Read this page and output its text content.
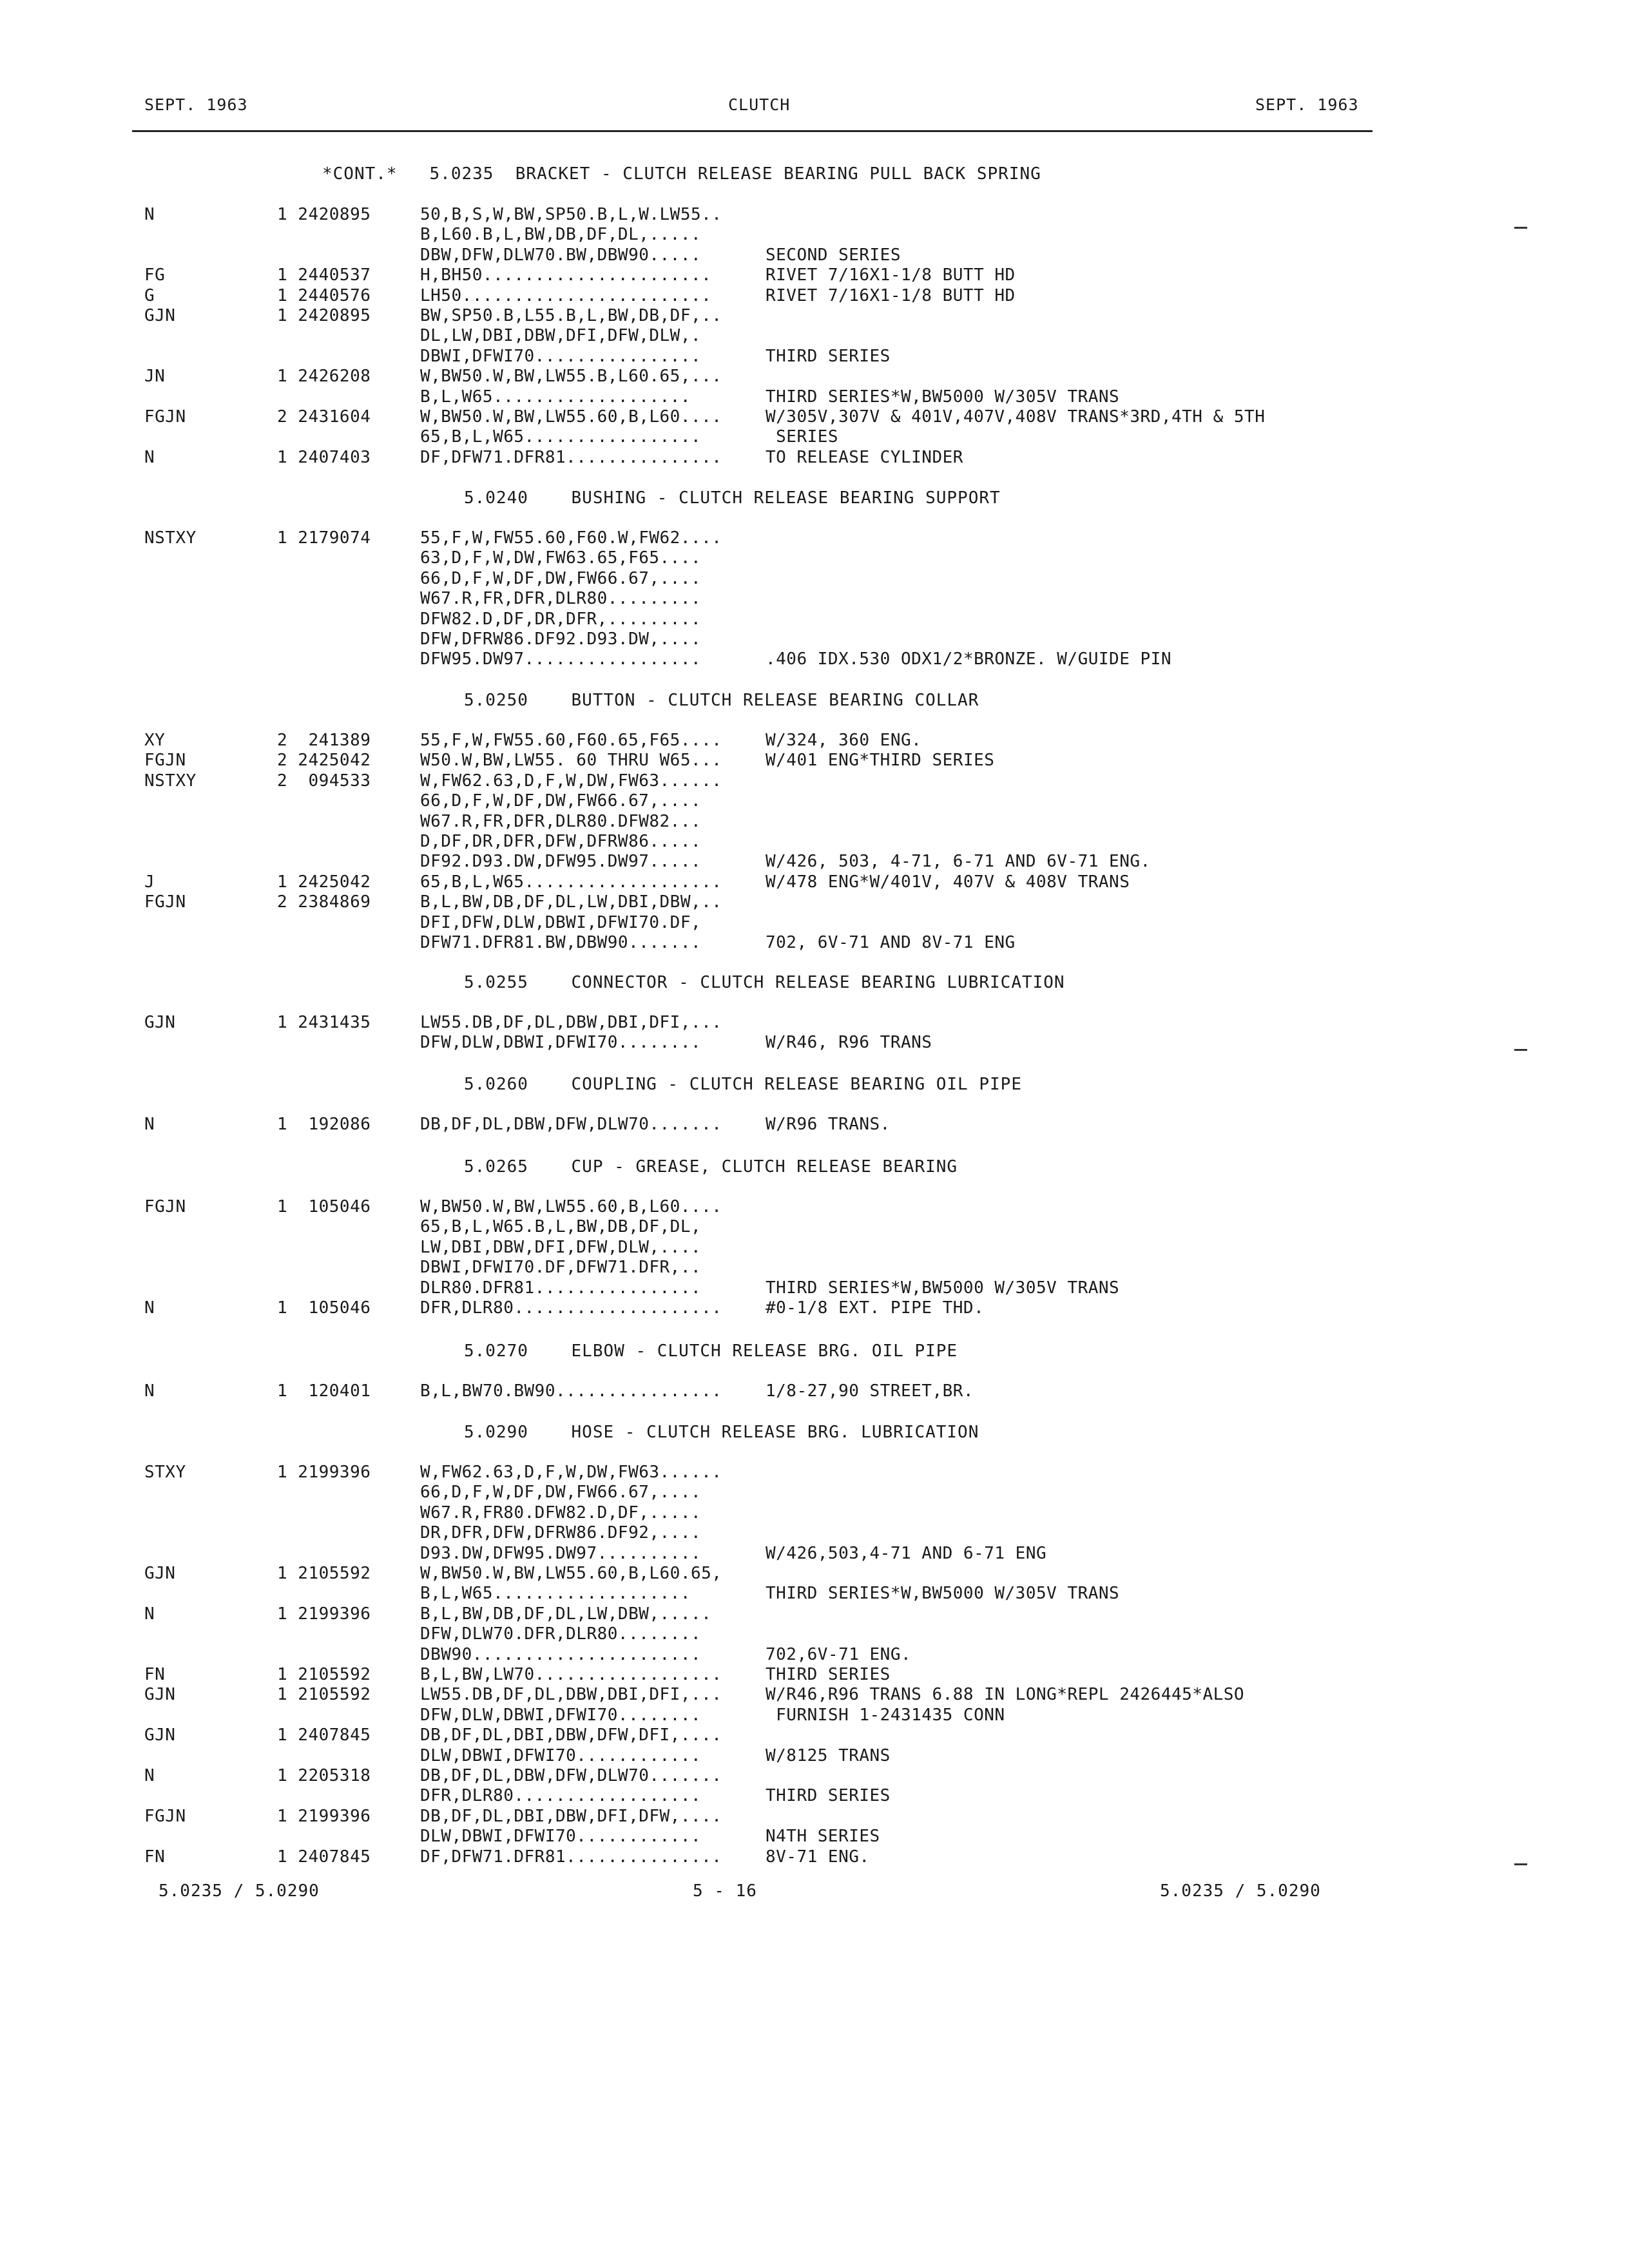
SEPT. 1963	CLUTCH	SEPT. 1963
*CONT.*   5.0235  BRACKET - CLUTCH RELEASE BEARING PULL BACK SPRING
N	1 2420895	50,B,S,W,BW,SP50.B,L,W.LW55..
B,L60.B,L,BW,DB,DF,DL,.....
DBW,DFW,DLW70.BW,DBW90.....	SECOND SERIES
FG	1 2440537	H,BH50......................	RIVET 7/16X1-1/8 BUTT HD
G	1 2440576	LH50........................	RIVET 7/16X1-1/8 BUTT HD
GJN	1 2420895	BW,SP50.B,L55.B,L,BW,DB,DF,..
DL,LW,DBI,DBW,DFI,DFW,DLW,.
DBWI,DFWI70................	THIRD SERIES
JN	1 2426208	W,BW50.W,BW,LW55.B,L60.65,...
B,L,W65...................	THIRD SERIES*W,BW5000 W/305V TRANS
FGJN	2 2431604	W,BW50.W,BW,LW55.60,B,L60....	W/305V,307V & 401V,407V,408V TRANS*3RD,4TH & 5TH
65,B,L,W65.................	SERIES
N	1 2407403	DF,DFW71.DFR81...............	TO RELEASE CYLINDER
5.0240    BUSHING - CLUTCH RELEASE BEARING SUPPORT
NSTXY	1 2179074	55,F,W,FW55.60,F60.W,FW62....
63,D,F,W,DW,FW63.65,F65....
66,D,F,W,DF,DW,FW66.67,....
W67.R,FR,DFR,DLR80.........
DFW82.D,DF,DR,DFR,.........
DFW,DFRW86.DF92.D93.DW,....
DFW95.DW97.................	.406 IDX.530 ODX1/2*BRONZE. W/GUIDE PIN
5.0250    BUTTON - CLUTCH RELEASE BEARING COLLAR
XY	2  241389	55,F,W,FW55.60,F60.65,F65....	W/324, 360 ENG.
FGJN	2 2425042	W50.W,BW,LW55. 60 THRU W65...	W/401 ENG*THIRD SERIES
NSTXY	2  094533	W,FW62.63,D,F,W,DW,FW63......
66,D,F,W,DF,DW,FW66.67,....
W67.R,FR,DFR,DLR80.DFW82...
D,DF,DR,DFR,DFW,DFRW86.....
DF92.D93.DW,DFW95.DW97.....	W/426, 503, 4-71, 6-71 AND 6V-71 ENG.
J	1 2425042	65,B,L,W65...................	W/478 ENG*W/401V, 407V & 408V TRANS
FGJN	2 2384869	B,L,BW,DB,DF,DL,LW,DBI,DBW,..
DFI,DFW,DLW,DBWI,DFWI70.DF,
DFW71.DFR81.BW,DBW90.......	702, 6V-71 AND 8V-71 ENG
5.0255    CONNECTOR - CLUTCH RELEASE BEARING LUBRICATION
GJN	1 2431435	LW55.DB,DF,DL,DBW,DBI,DFI,...
DFW,DLW,DBWI,DFWI70........	W/R46, R96 TRANS
5.0260    COUPLING - CLUTCH RELEASE BEARING OIL PIPE
N	1  192086	DB,DF,DL,DBW,DFW,DLW70.......	W/R96 TRANS.
5.0265    CUP - GREASE, CLUTCH RELEASE BEARING
FGJN	1  105046	W,BW50.W,BW,LW55.60,B,L60....
65,B,L,W65.B,L,BW,DB,DF,DL,
LW,DBI,DBW,DFI,DFW,DLW,....
DBWI,DFWI70.DF,DFW71.DFR,..
DLR80.DFR81................	THIRD SERIES*W,BW5000 W/305V TRANS
N	1  105046	DFR,DLR80....................	#0-1/8 EXT. PIPE THD.
5.0270    ELBOW - CLUTCH RELEASE BRG. OIL PIPE
N	1  120401	B,L,BW70.BW90................	1/8-27,90 STREET,BR.
5.0290    HOSE - CLUTCH RELEASE BRG. LUBRICATION
STXY	1 2199396	W,FW62.63,D,F,W,DW,FW63......
66,D,F,W,DF,DW,FW66.67,....
W67.R,FR80.DFW82.D,DF,.....
DR,DFR,DFW,DFRW86.DF92,....
D93.DW,DFW95.DW97..........	W/426,503,4-71 AND 6-71 ENG
GJN	1 2105592	W,BW50.W,BW,LW55.60,B,L60.65,
B,L,W65...................	THIRD SERIES*W,BW5000 W/305V TRANS
N	1 2199396	B,L,BW,DB,DF,DL,LW,DBW,.....
DFW,DLW70.DFR,DLR80........
DBW90......................	702,6V-71 ENG.
FN	1 2105592	B,L,BW,LW70..................	THIRD SERIES
GJN	1 2105592	LW55.DB,DF,DL,DBW,DBI,DFI,...	W/R46,R96 TRANS 6.88 IN LONG*REPL 2426445*ALSO
DFW,DLW,DBWI,DFWI70........	FURNISH 1-2431435 CONN
GJN	1 2407845	DB,DF,DL,DBI,DBW,DFW,DFI,....
DLW,DBWI,DFWI70............	W/8125 TRANS
N	1 2205318	DB,DF,DL,DBW,DFW,DLW70.......
DFR,DLR80..................	THIRD SERIES
FGJN	1 2199396	DB,DF,DL,DBI,DBW,DFI,DFW,....
DLW,DBWI,DFWI70............	N4TH SERIES
FN	1 2407845	DF,DFW71.DFR81...............	8V-71 ENG.
5.0235 / 5.0290	5 - 16	5.0235 / 5.0290
